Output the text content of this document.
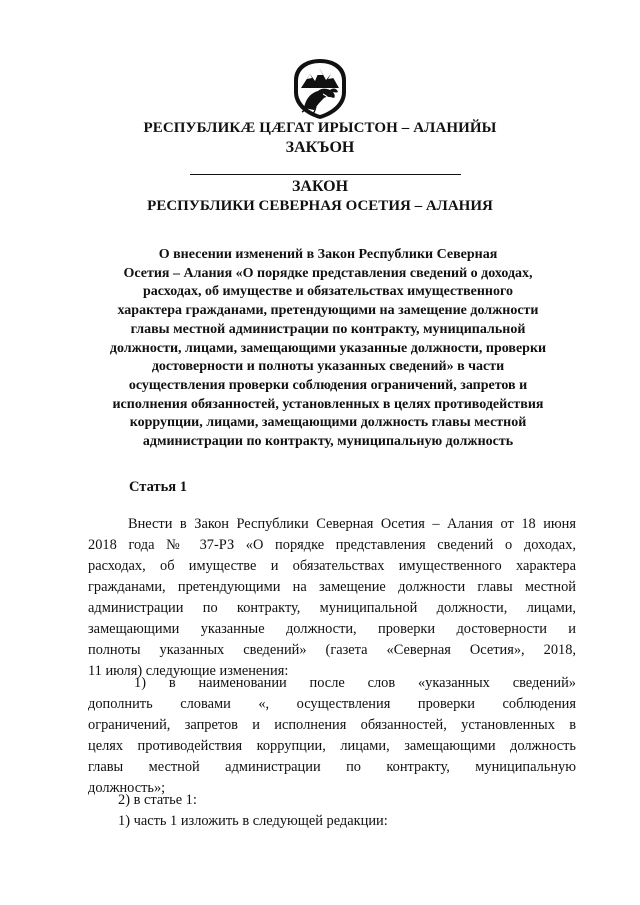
РЕСПУБЛИКӔ ЦӔГАТ ИРЫСТОН – АЛАНИЙЫ

ЗАКЪОН

ЗАКОН

РЕСПУБЛИКИ СЕВЕРНАЯ ОСЕТИЯ – АЛАНИЯ

О внесении изменений в Закон Республики Северная
Осетия – Алания «О порядке представления сведений о доходах,
расходах, об имуществе и обязательствах имущественного
характера гражданами, претендующими на замещение должности
главы местной администрации по контракту, муниципальной
должности, лицами, замещающими указанные должности, проверки
достоверности и полноты указанных сведений» в части
осуществления проверки соблюдения ограничений, запретов и
исполнения обязанностей, установленных в целях противодействия
коррупции, лицами, замещающими должность главы местной
администрации по контракту, муниципальную должность
Статья 1
Внести в Закон Республики Северная Осетия – Алания от 18 июня
2018 года № 37-РЗ «О порядке представления сведений о доходах,
расходах, об имуществе и обязательствах имущественного характера
гражданами, претендующими на замещение должности главы местной
администрации по контракту, муниципальной должности, лицами,
замещающими указанные должности, проверки достоверности и
полноты указанных сведений» (газета «Северная Осетия», 2018,
11 июля) следующие изменения:
1) в наименовании после слов «указанных сведений»
дополнить словами «, осуществления проверки соблюдения
ограничений, запретов и исполнения обязанностей, установленных в
целях противодействия коррупции, лицами, замещающими должность
главы местной администрации по контракту, муниципальную
должность»;
2) в статье 1:
1) часть 1 изложить в следующей редакции:
